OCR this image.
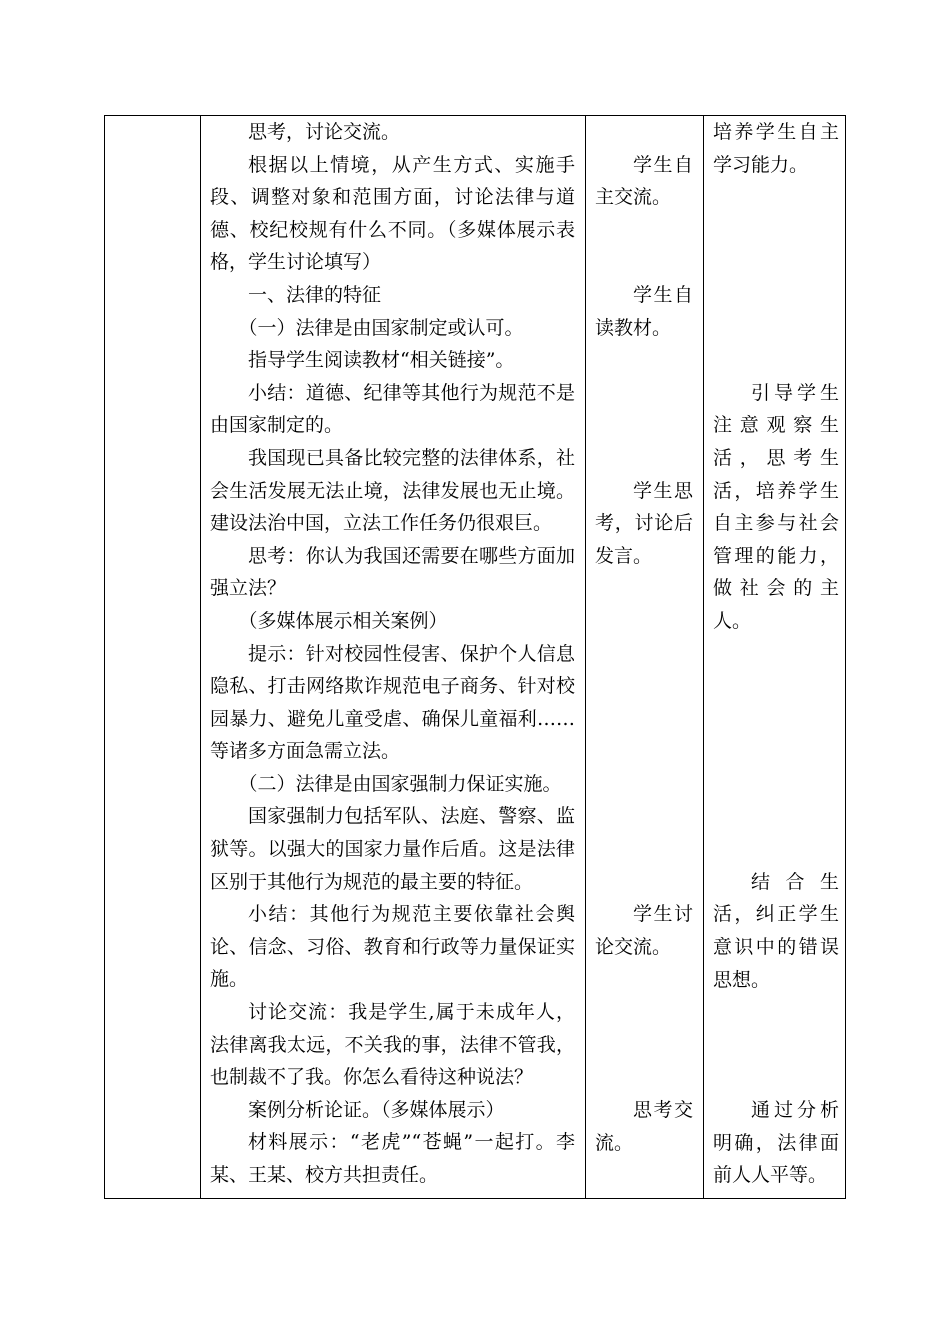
思考，讨论交流。

根据以上情境，从产生方式、实施手段、调整对象和范围方面，讨论法律与道德、校纪校规有什么不同。（多媒体展示表格，学生讨论填写）

一、法律的特征

（一）法律是由国家制定或认可。

指导学生阅读教材“相关链接”。

小结：道德、纪律等其他行为规范不是由国家制定的。

我国现已具备比较完整的法律体系，社会生活发展无法止境，法律发展也无止境。建设法治中国，立法工作任务仍很艰巨。

思考：你认为我国还需要在哪些方面加强立法？

（多媒体展示相关案例）

提示：针对校园性侵害、保护个人信息隐私、打击网络欺诈规范电子商务、针对校园暴力、避免儿童受虐、确保儿童福利……等诸多方面急需立法。

（二）法律是由国家强制力保证实施。

国家强制力包括军队、法庭、警察、监狱等。以强大的国家力量作后盾。这是法律区别于其他行为规范的最主要的特征。

小结：其他行为规范主要依靠社会舆论、信念、习俗、教育和行政等力量保证实施。

讨论交流：我是学生,属于未成年人，法律离我太远，不关我的事，法律不管我，也制裁不了我。你怎么看待这种说法？

案例分析论证。（多媒体展示）

材料展示：“老虎”“苍蝇”一起打。李某、王某、校方共担责任。

学生自主交流。

学生自读教材。

学生思考，讨论后发言。

学生讨论交流。

思考交流。

培养学生自主学习能力。

引导学生注意观察生活，思考生活，培养学生自主参与社会管理的能力，做社会的主人。

结合生活，纠正学生意识中的错误思想。

通过分析明确，法律面前人人平等。
